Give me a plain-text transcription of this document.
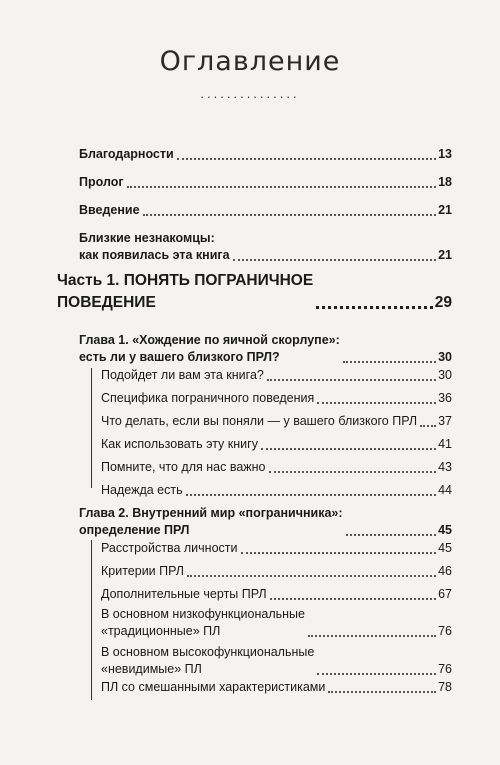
Оглавление
...............
Благодарности	13
Пролог	18
Введение	21
Близкие незнакомцы:
как появилась эта книга	21
Часть 1. ПОНЯТЬ ПОГРАНИЧНОЕ
ПОВЕДЕНИЕ	29
Глава 1. «Хождение по яичной скорлупе»:
есть ли у вашего близкого ПРЛ?	30
Подойдет ли вам эта книга?	30
Специфика пограничного поведения	36
Что делать, если вы поняли — у вашего близкого ПРЛ 37
Как использовать эту книгу	41
Помните, что для нас важно	43
Надежда есть	44
Глава 2. Внутренний мир «пограничника»:
определение ПРЛ	45
Расстройства личности	45
Критерии ПРЛ	46
Дополнительные черты ПРЛ	67
В основном низкофункциональные
«традиционные» ПЛ	76
В основном высокофункциональные
«невидимые» ПЛ	76
ПЛ со смешанными характеристиками	78
